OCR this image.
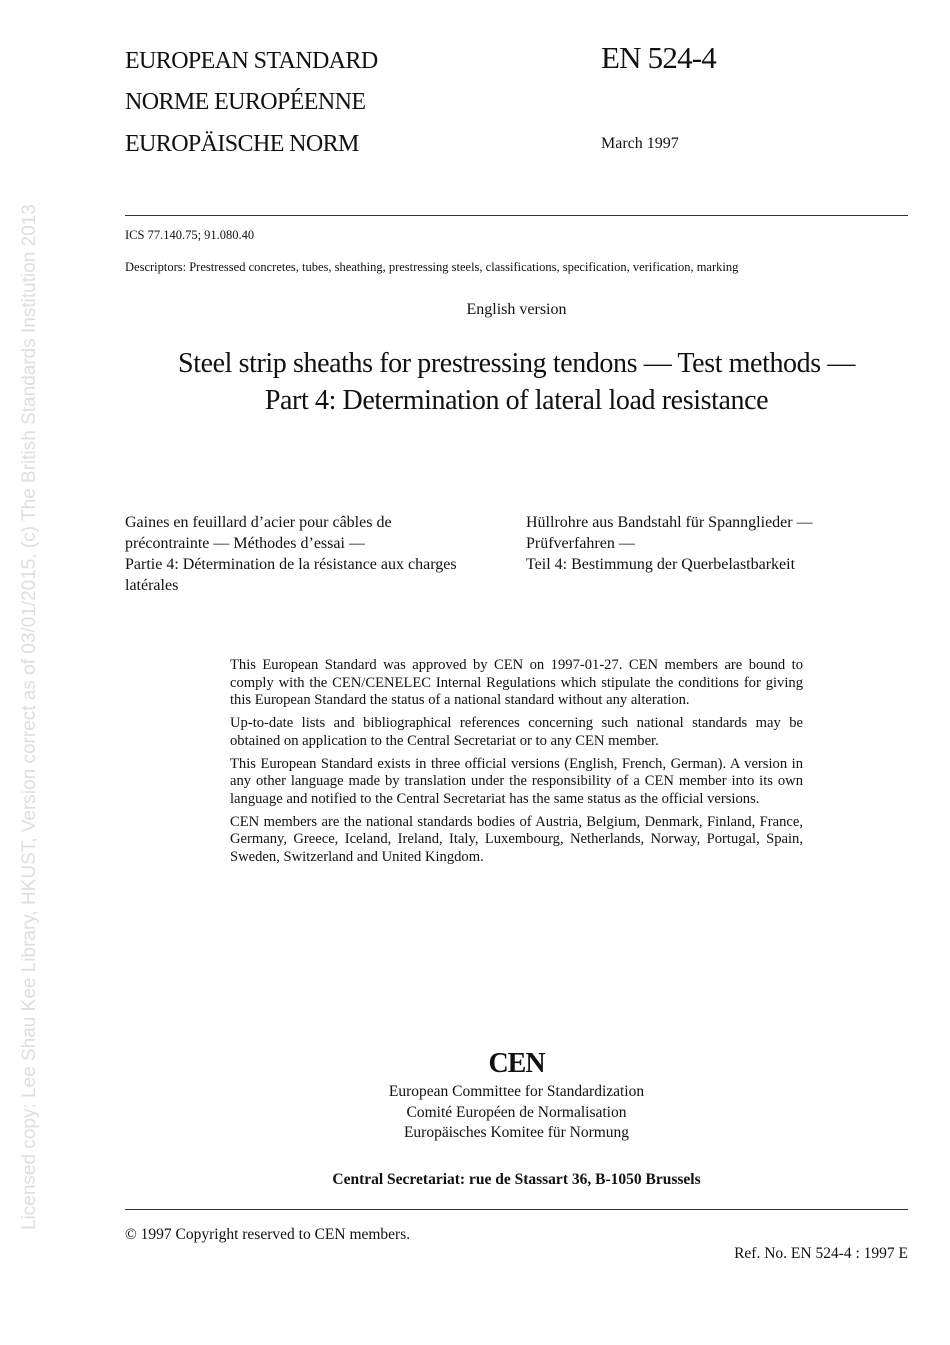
Licensed copy: Lee Shau Kee Library, HKUST, Version correct as of 03/01/2015, (c) The British Standards Institution 2013
EUROPEAN STANDARD
NORME EUROPÉENNE
EUROPÄISCHE NORM
EN 524-4
March 1997
ICS 77.140.75; 91.080.40
Descriptors: Prestressed concretes, tubes, sheathing, prestressing steels, classifications, specification, verification, marking
English version
Steel strip sheaths for prestressing tendons — Test methods —
Part 4: Determination of lateral load resistance
Gaines en feuillard d’acier pour câbles de
précontrainte — Méthodes d’essai —
Partie 4: Détermination de la résistance aux charges
latérales
Hüllrohre aus Bandstahl für Spannglieder —
Prüfverfahren —
Teil 4: Bestimmung der Querbelastbarkeit

This European Standard was approved by CEN on 1997-01-27. CEN members are bound to comply with the CEN/CENELEC Internal Regulations which stipulate the conditions for giving this European Standard the status of a national standard without any alteration.

Up-to-date lists and bibliographical references concerning such national standards may be obtained on application to the Central Secretariat or to any CEN member.

This European Standard exists in three official versions (English, French, German). A version in any other language made by translation under the responsibility of a CEN member into its own language and notified to the Central Secretariat has the same status as the official versions.

CEN members are the national standards bodies of Austria, Belgium, Denmark, Finland, France, Germany, Greece, Iceland, Ireland, Italy, Luxembourg, Netherlands, Norway, Portugal, Spain, Sweden, Switzerland and United Kingdom.

CEN
European Committee for Standardization
Comité Européen de Normalisation
Europäisches Komitee für Normung
Central Secretariat: rue de Stassart 36, B-1050 Brussels
© 1997 Copyright reserved to CEN members.
Ref. No. EN 524-4 : 1997 E
